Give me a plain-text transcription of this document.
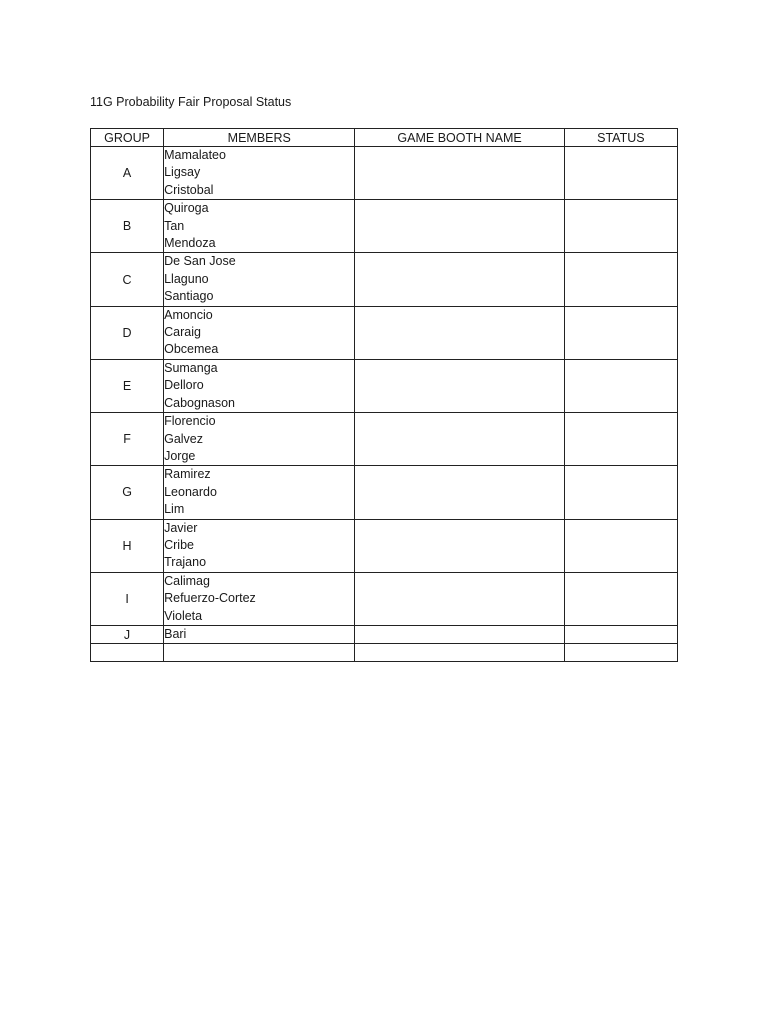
11G Probability Fair Proposal Status
GROUP	MEMBERS	GAME BOOTH NAME	STATUS
A	Mamalateo
Ligsay
Cristobal		

B	Quiroga
Tan
Mendoza		

C	De San Jose
Llaguno
Santiago		

D	Amoncio
Caraig
Obcemea		

E	Sumanga
Delloro
Cabognason		

F	Florencio
Galvez
Jorge		

G	Ramirez
Leonardo
Lim		

H	Javier
Cribe
Trajano		

I	Calimag
Refuerzo-Cortez
Violeta		

J	Bari		
